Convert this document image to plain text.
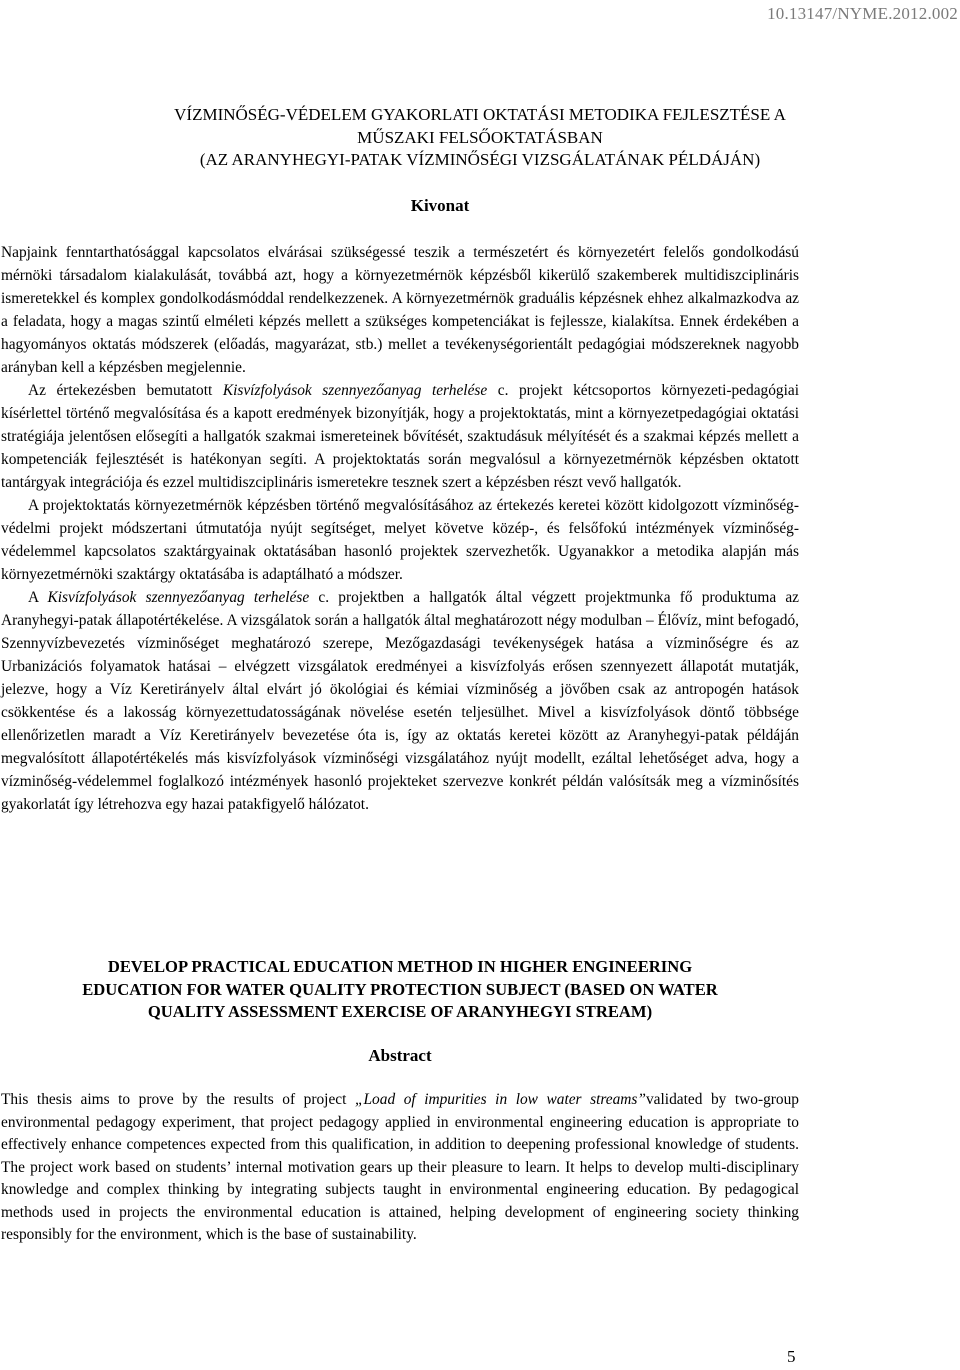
10.13147/NYME.2012.002
VÍZMINŐSÉG-VÉDELEM GYAKORLATI OKTATÁSI METODIKA FEJLESZTÉSE A
MŰSZAKI FELSŐOKTATÁSBAN
(AZ ARANYHEGYI-PATAK VÍZMINŐSÉGI VIZSGÁLATÁNAK PÉLDÁJÁN)
Kivonat

Napjaink fenntarthatósággal kapcsolatos elvárásai szükségessé teszik a természetért és környezetért felelős gondolkodású mérnöki társadalom kialakulását, továbbá azt, hogy a környezetmérnök képzésből kikerülő szakemberek multidiszciplináris ismeretekkel és komplex gondolkodásmóddal rendelkezzenek. A környezetmérnök graduális képzésnek ehhez alkalmazkodva az a feladata, hogy a magas szintű elméleti képzés mellett a szükséges kompetenciákat is fejlessze, kialakítsa. Ennek érdekében a hagyományos oktatás módszerek (előadás, magyarázat, stb.) mellet a tevékenységorientált pedagógiai módszereknek nagyobb arányban kell a képzésben megjelennie.

Az értekezésben bemutatott Kisvízfolyások szennyezőanyag terhelése c. projekt kétcsoportos környezeti-pedagógiai kísérlettel történő megvalósítása és a kapott eredmények bizonyítják, hogy a projektoktatás, mint a környezetpedagógiai oktatási stratégiája jelentősen elősegíti a hallgatók szakmai ismereteinek bővítését, szaktudásuk mélyítését és a szakmai képzés mellett a kompetenciák fejlesztését is hatékonyan segíti. A projektoktatás során megvalósul a környezetmérnök képzésben oktatott tantárgyak integrációja és ezzel multidiszciplináris ismeretekre tesznek szert a képzésben részt vevő hallgatók.

A projektoktatás környezetmérnök képzésben történő megvalósításához az értekezés keretei között kidolgozott vízminőség-védelmi projekt módszertani útmutatója nyújt segítséget, melyet követve közép-, és felsőfokú intézmények vízminőség-védelemmel kapcsolatos szaktárgyainak oktatásában hasonló projektek szervezhetők. Ugyanakkor a metodika alapján más környezetmérnöki szaktárgy oktatásába is adaptálható a módszer.

A Kisvízfolyások szennyezőanyag terhelése c. projektben a hallgatók által végzett projektmunka fő produktuma az Aranyhegyi-patak állapotértékelése. A vizsgálatok során a hallgatók által meghatározott négy modulban – Élővíz, mint befogadó, Szennyvízbevezetés vízminőséget meghatározó szerepe, Mezőgazdasági tevékenységek hatása a vízminőségre és az Urbanizációs folyamatok hatásai – elvégzett vizsgálatok eredményei a kisvízfolyás erősen szennyezett állapotát mutatják, jelezve, hogy a Víz Keretirányelv által elvárt jó ökológiai és kémiai vízminőség a jövőben csak az antropogén hatások csökkentése és a lakosság környezettudatosságának növelése esetén teljesülhet. Mivel a kisvízfolyások döntő többsége ellenőrizetlen maradt a Víz Keretirányelv bevezetése óta is, így az oktatás keretei között az Aranyhegyi-patak példáján megvalósított állapotértékelés más kisvízfolyások vízminőségi vizsgálatához nyújt modellt, ezáltal lehetőséget adva, hogy a vízminőség-védelemmel foglalkozó intézmények hasonló projekteket szervezve konkrét példán valósítsák meg a vízminősítés gyakorlatát így létrehozva egy hazai patakfigyelő hálózatot.

DEVELOP PRACTICAL EDUCATION METHOD IN HIGHER ENGINEERING
EDUCATION FOR WATER QUALITY PROTECTION SUBJECT (BASED ON WATER
QUALITY ASSESSMENT EXERCISE OF ARANYHEGYI STREAM)
Abstract

This thesis aims to prove by the results of project „Load of impurities in low water streams”validated by two-group environmental pedagogy experiment, that project pedagogy applied in environmental engineering education is appropriate to effectively enhance competences expected from this qualification, in addition to deepening professional knowledge of students. The project work based on students’ internal motivation gears up their pleasure to learn. It helps to develop multi-disciplinary knowledge and complex thinking by integrating subjects taught in environmental engineering education. By pedagogical methods used in projects the environmental education is attained, helping development of engineering society thinking responsibly for the environment, which is the base of sustainability.

5
